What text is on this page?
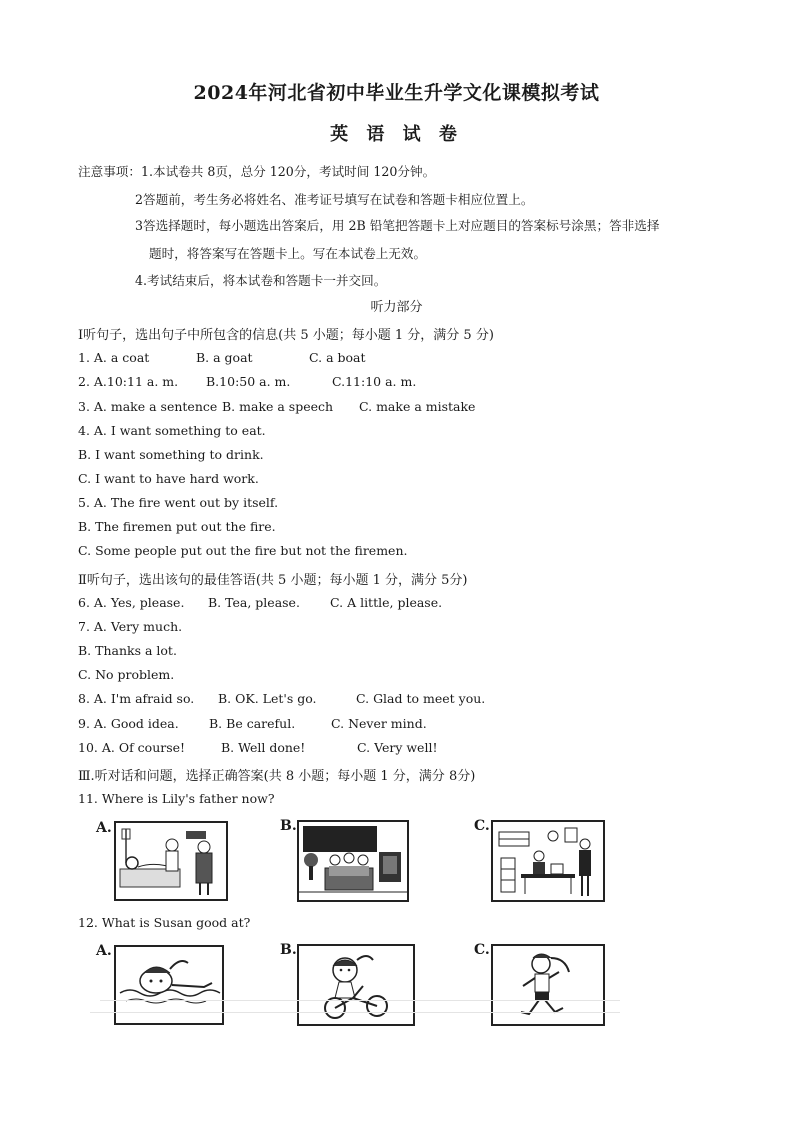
2024年河北省初中毕业生升学文化课模拟考试
英 语 试 卷
注意事项：1.本试卷共 8页，总分 120分，考试时间 120分钟。
2答题前，考生务必将姓名、准考证号填写在试卷和答题卡相应位置上。
3答选择题时，每小题选出答案后，用 2B 铅笔把答题卡上对应题目的答案标号涂黑；答非选择
题时，将答案写在答题卡上。写在本试卷上无效。
4.考试结束后，将本试卷和答题卡一并交回。
听力部分
Ⅰ听句子，选出句子中所包含的信息(共 5 小题；每小题 1 分，满分 5 分)
1. A. a coat	B. a goat	C. a boat
2. A.10:11 a. m. B.10:50 a. m.	C.11:10 a. m.
3. A. make a sentence B. make a speech C. make a mistake
4. A. I want something to eat.
B. I want something to drink.
C. I want to have hard work.
5. A. The fire went out by itself.
B. The firemen put out the fire.
C. Some people put out the fire but not the firemen.
Ⅱ听句子，选出该句的最佳答语(共 5 小题；每小题 1 分，满分 5分)
6. A. Yes, please. B. Tea, please. C. A little, please.
7. A. Very much.
B. Thanks a lot.
C. No problem.
8. A. I'm afraid so. B. OK. Let's go.	C. Glad to meet you.
9. A. Good idea. B. Be careful.	C. Never mind.
10. A. Of course!	B. Well done!	C. Very well!
Ⅲ.听对话和问题，选择正确答案(共 8 小题；每小题 1 分，满分 8分)
11. Where is Lily's father now?
A.	B.	C.
12. What is Susan good at?
A.	B.	C.
